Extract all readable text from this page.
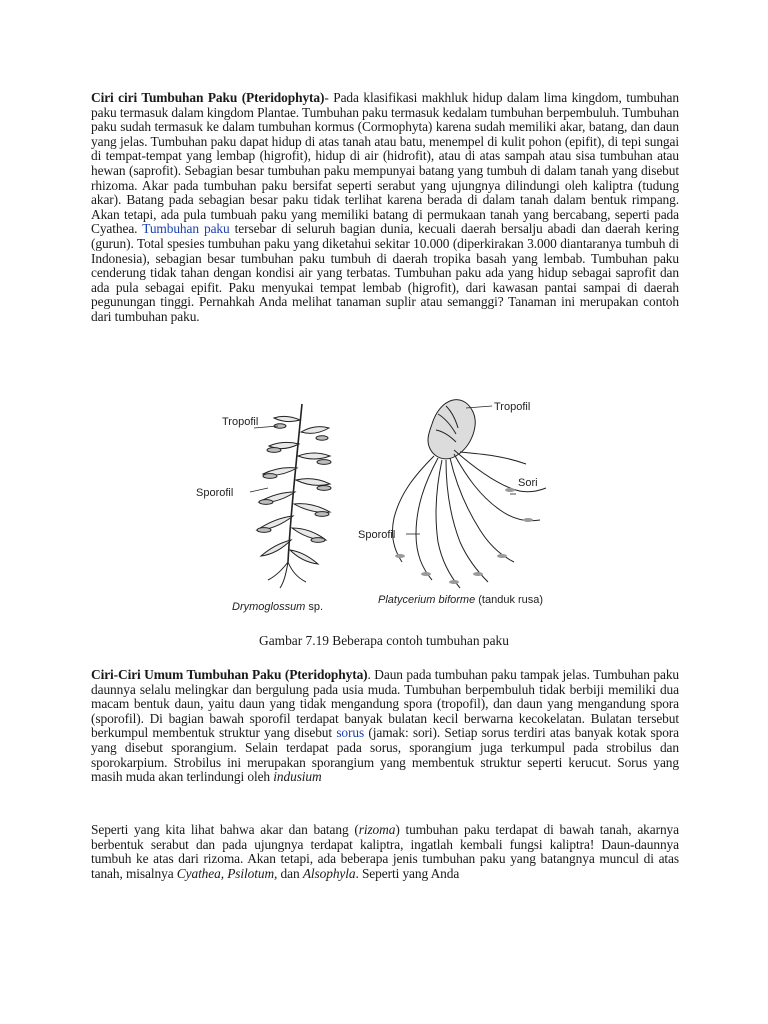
Ciri ciri Tumbuhan Paku (Pteridophyta)- Pada klasifikasi makhluk hidup dalam lima kingdom, tumbuhan paku termasuk dalam kingdom Plantae. Tumbuhan paku termasuk kedalam tumbuhan berpembuluh. Tumbuhan paku sudah termasuk ke dalam tumbuhan kormus (Cormophyta) karena sudah memiliki akar, batang, dan daun yang jelas. Tumbuhan paku dapat hidup di atas tanah atau batu, menempel di kulit pohon (epifit), di tepi sungai di tempat-tempat yang lembap (higrofit), hidup di air (hidrofit), atau di atas sampah atau sisa tumbuhan atau hewan (saprofit). Sebagian besar tumbuhan paku mempunyai batang yang tumbuh di dalam tanah yang disebut rhizoma. Akar pada tumbuhan paku bersifat seperti serabut yang ujungnya dilindungi oleh kaliptra (tudung akar). Batang pada sebagian besar paku tidak terlihat karena berada di dalam tanah dalam bentuk rimpang. Akan tetapi, ada pula tumbuah paku yang memiliki batang di permukaan tanah yang bercabang, seperti pada Cyathea. Tumbuhan paku tersebar di seluruh bagian dunia, kecuali daerah bersalju abadi dan daerah kering (gurun). Total spesies tumbuhan paku yang diketahui sekitar 10.000 (diperkirakan 3.000 diantaranya tumbuh di Indonesia), sebagian besar tumbuhan paku tumbuh di daerah tropika basah yang lembab. Tumbuhan paku cenderung tidak tahan dengan kondisi air yang terbatas. Tumbuhan paku ada yang hidup sebagai saprofit dan ada pula sebagai epifit. Paku menyukai tempat lembab (higrofit), dari kawasan pantai sampai di daerah pegunungan tinggi. Pernahkah Anda melihat tanaman suplir atau semanggi? Tanaman ini merupakan contoh dari tumbuhan paku.

Tropofil
Sporofil
Drymoglossum sp.
Tropofil
Sori
Sporofil
Platycerium biforme (tanduk rusa)
Gambar 7.19 Beberapa contoh tumbuhan paku

Ciri-Ciri Umum Tumbuhan Paku (Pteridophyta). Daun pada tumbuhan paku tampak jelas. Tumbuhan paku daunnya selalu melingkar dan bergulung pada usia muda. Tumbuhan berpembuluh tidak berbiji memiliki dua macam bentuk daun, yaitu daun yang tidak mengandung spora (tropofil), dan daun yang mengandung spora (sporofil). Di bagian bawah sporofil terdapat banyak bulatan kecil berwarna kecokelatan. Bulatan tersebut berkumpul membentuk struktur yang disebut sorus (jamak: sori). Setiap sorus terdiri atas banyak kotak spora yang disebut sporangium. Selain terdapat pada sorus, sporangium juga terkumpul pada strobilus dan sporokarpium. Strobilus ini merupakan sporangium yang membentuk struktur seperti kerucut. Sorus yang masih muda akan terlindungi oleh indusium

Seperti yang kita lihat bahwa akar dan batang (rizoma) tumbuhan paku terdapat di bawah tanah, akarnya berbentuk serabut dan pada ujungnya terdapat kaliptra, ingatlah kembali fungsi kaliptra! Daun-daunnya tumbuh ke atas dari rizoma. Akan tetapi, ada beberapa jenis tumbuhan paku yang batangnya muncul di atas tanah, misalnya Cyathea, Psilotum, dan Alsophyla. Seperti yang Anda
